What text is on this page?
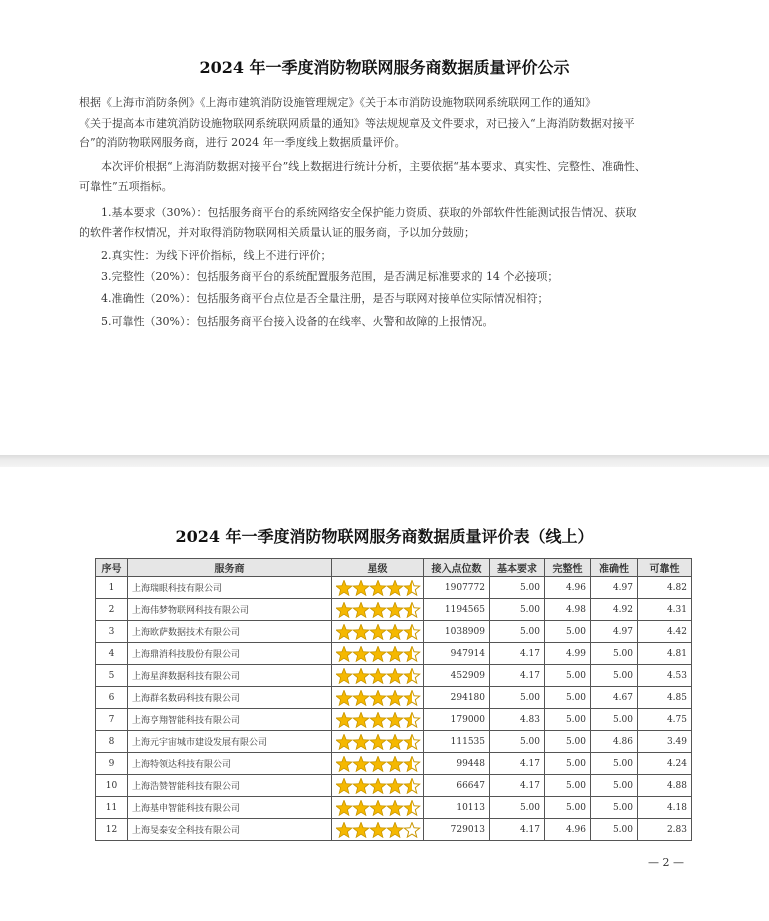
2024 年一季度消防物联网服务商数据质量评价公示

根据《上海市消防条例》《上海市建筑消防设施管理规定》《关于本市消防设施物联网系统联网工作的通知》

《关于提高本市建筑消防设施物联网系统联网质量的通知》等法规规章及文件要求，对已接入“上海消防数据对接平

台”的消防物联网服务商，进行 2024 年一季度线上数据质量评价。

本次评价根据“上海消防数据对接平台”线上数据进行统计分析，主要依据“基本要求、真实性、完整性、准确性、

可靠性”五项指标。

1.基本要求（30%）：包括服务商平台的系统网络安全保护能力资质、获取的外部软件性能测试报告情况、获取

的软件著作权情况，并对取得消防物联网相关质量认证的服务商，予以加分鼓励；

2.真实性：为线下评价指标，线上不进行评价；

3.完整性（20%）：包括服务商平台的系统配置服务范围，是否满足标准要求的 14 个必接项；

4.准确性（20%）：包括服务商平台点位是否全量注册，是否与联网对接单位实际情况相符；

5.可靠性（30%）：包括服务商平台接入设备的在线率、火警和故障的上报情况。

2024 年一季度消防物联网服务商数据质量评价表（线上）
序号	服务商	星级	接入点位数	基本要求	完整性	准确性	可靠性
1	上海瑞眼科技有限公司		1907772	5.00	4.96	4.97	4.82
2	上海伟梦物联网科技有限公司		1194565	5.00	4.98	4.92	4.31
3	上海欧萨数据技术有限公司		1038909	5.00	5.00	4.97	4.42
4	上海鼎消科技股份有限公司		947914	4.17	4.99	5.00	4.81
5	上海星湃数据科技有限公司		452909	4.17	5.00	5.00	4.53
6	上海群名数码科技有限公司		294180	5.00	5.00	4.67	4.85
7	上海亨翔智能科技有限公司		179000	4.83	5.00	5.00	4.75
8	上海元宇宙城市建设发展有限公司		111535	5.00	5.00	4.86	3.49
9	上海特领达科技有限公司		99448	4.17	5.00	5.00	4.24
10	上海浩赞智能科技有限公司		66647	4.17	5.00	5.00	4.88
11	上海基申智能科技有限公司		10113	5.00	5.00	5.00	4.18
12	上海旻泰安全科技有限公司		729013	4.17	4.96	5.00	2.83
— 2 —
